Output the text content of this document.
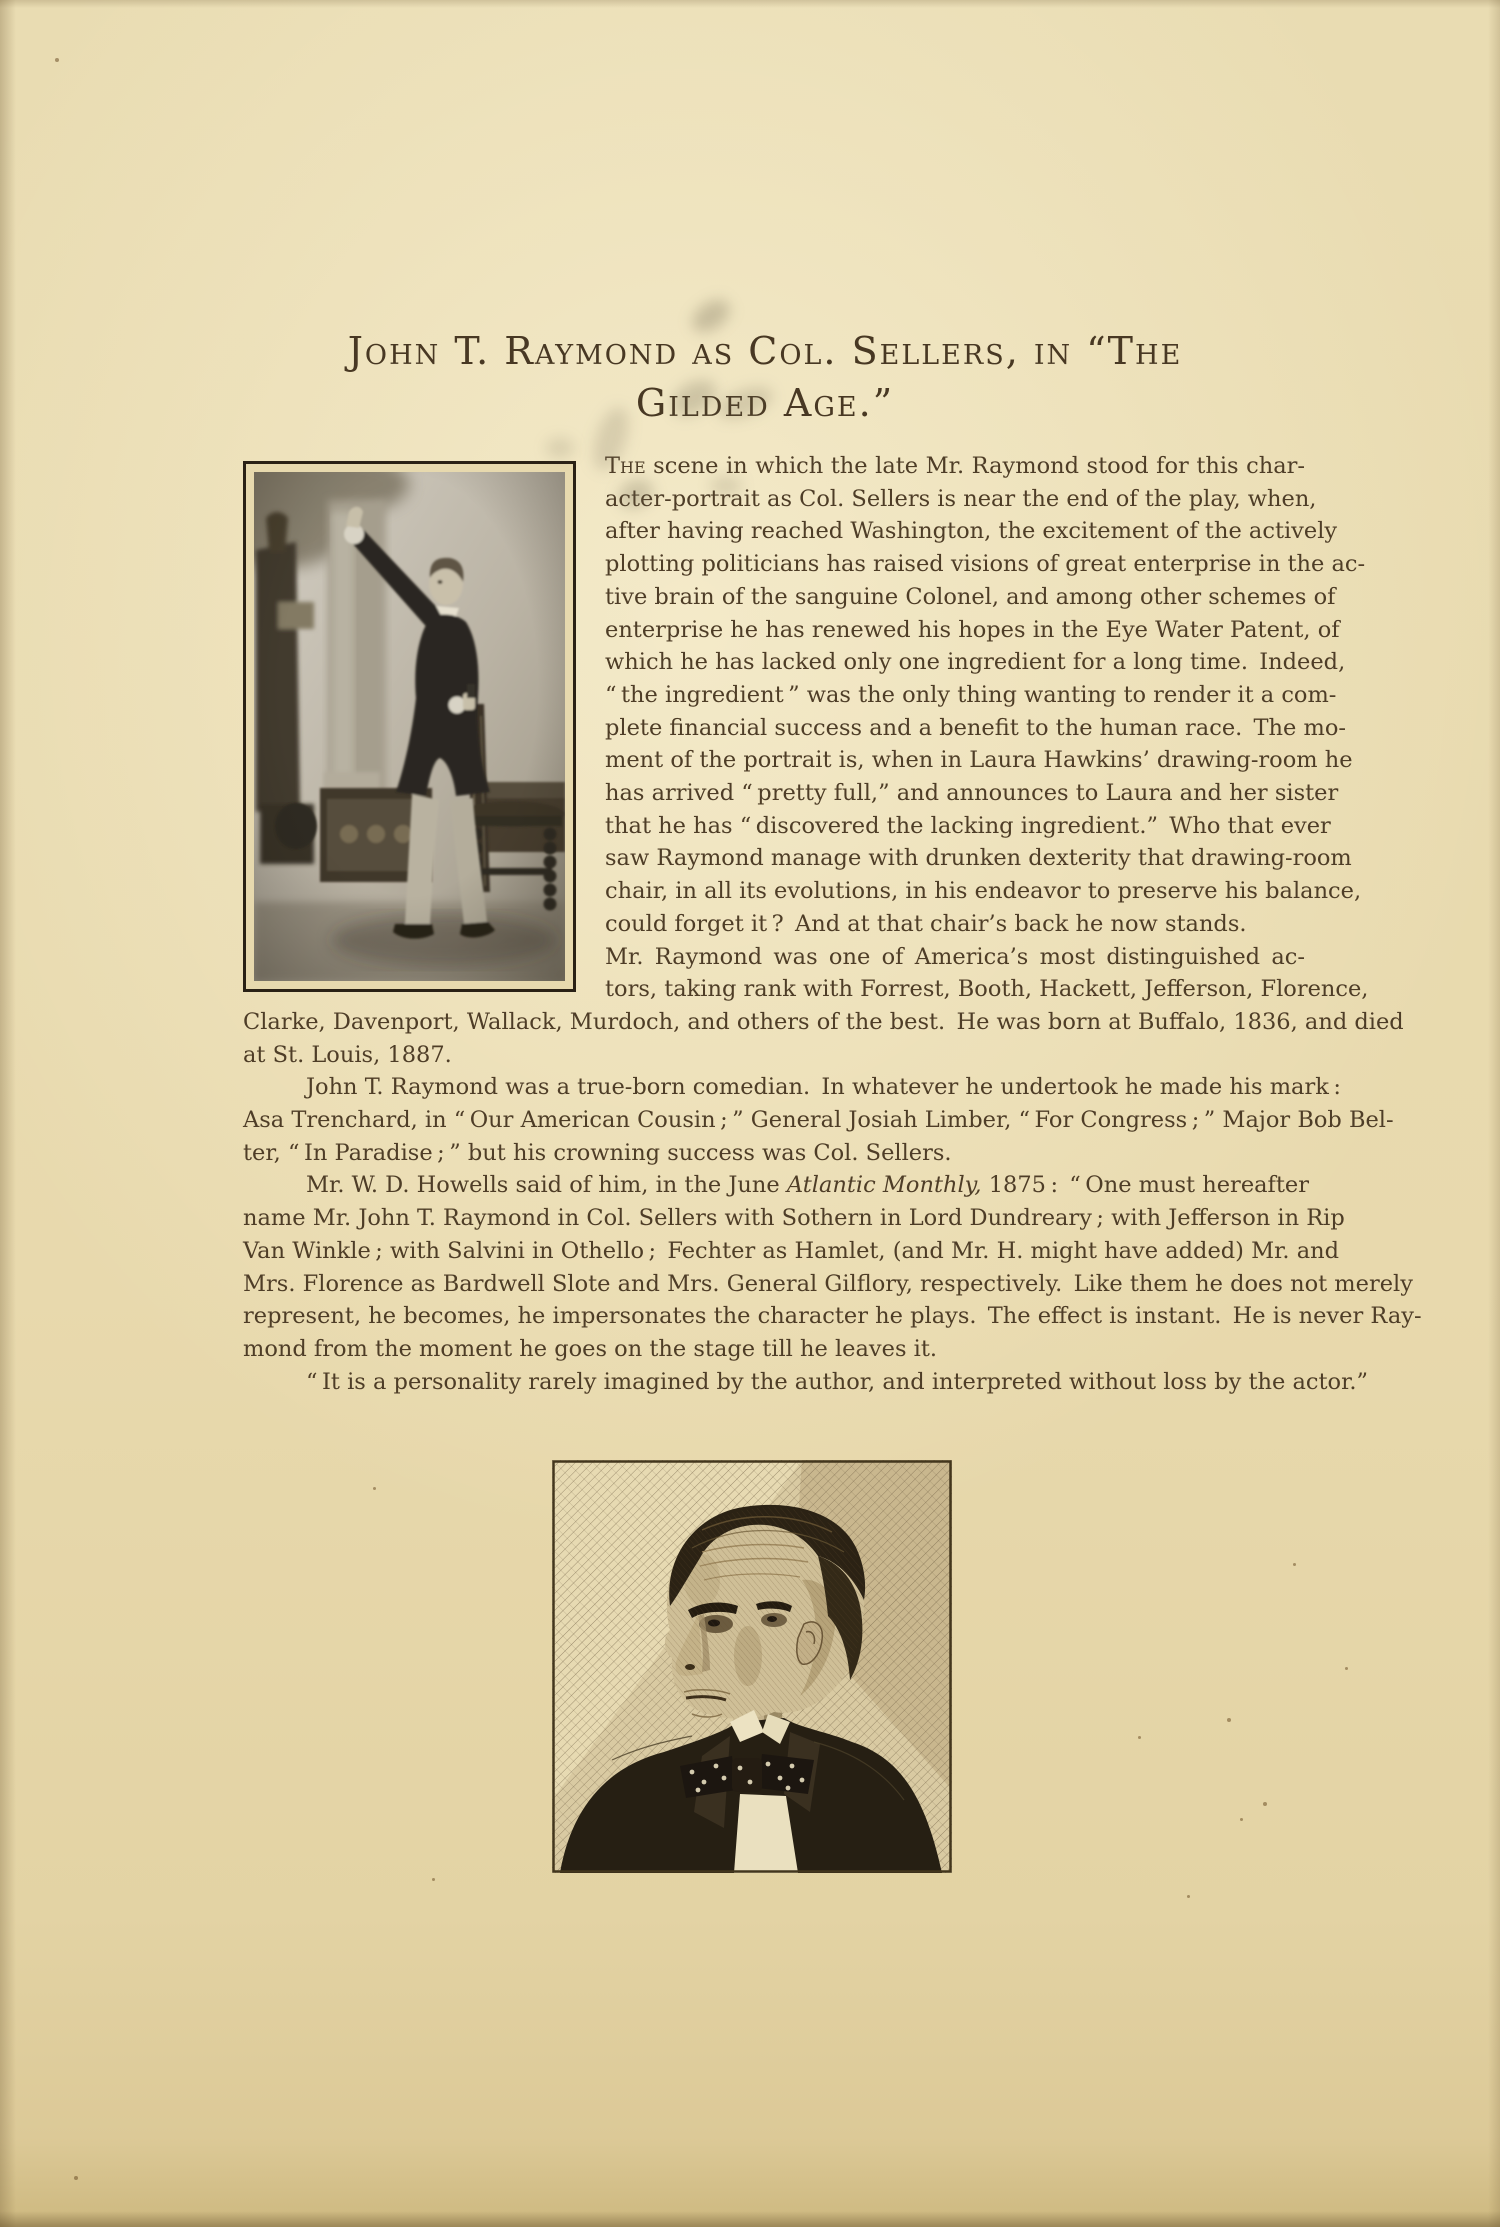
John T. Raymond as Col. Sellers, in “The
Gilded Age.”
The scene in which the late Mr. Raymond stood for this char-
acter-portrait as Col. Sellers is near the end of the play, when,
after having reached Washington, the excitement of the actively
plotting politicians has raised visions of great enterprise in the ac-
tive brain of the sanguine Colonel, and among other schemes of
enterprise he has renewed his hopes in the Eye Water Patent, of
which he has lacked only one ingredient for a long time. Indeed,
“ the ingredient ” was the only thing wanting to render it a com-
plete financial success and a benefit to the human race. The mo-
ment of the portrait is, when in Laura Hawkins’ drawing-room he
has arrived “ pretty full,” and announces to Laura and her sister
that he has “ discovered the lacking ingredient.” Who that ever
saw Raymond manage with drunken dexterity that drawing-room
chair, in all its evolutions, in his endeavor to preserve his balance,
could forget it ? And at that chair’s back he now stands.
Mr. Raymond was one of America’s most distinguished ac-
tors, taking rank with Forrest, Booth, Hackett, Jefferson, Florence,
Clarke, Davenport, Wallack, Murdoch, and others of the best. He was born at Buffalo, 1836, and died
at St. Louis, 1887.
John T. Raymond was a true-born comedian. In whatever he undertook he made his mark :
Asa Trenchard, in “ Our American Cousin ; ” General Josiah Limber, “ For Congress ; ” Major Bob Bel-
ter, “ In Paradise ; ” but his crowning success was Col. Sellers.
Mr. W. D. Howells said of him, in the June Atlantic Monthly, 1875 : “ One must hereafter
name Mr. John T. Raymond in Col. Sellers with Sothern in Lord Dundreary ; with Jefferson in Rip
Van Winkle ; with Salvini in Othello ; Fechter as Hamlet, (and Mr. H. might have added) Mr. and
Mrs. Florence as Bardwell Slote and Mrs. General Gilflory, respectively. Like them he does not merely
represent, he becomes, he impersonates the character he plays. The effect is instant. He is never Ray-
mond from the moment he goes on the stage till he leaves it.
“ It is a personality rarely imagined by the author, and interpreted without loss by the actor.”
